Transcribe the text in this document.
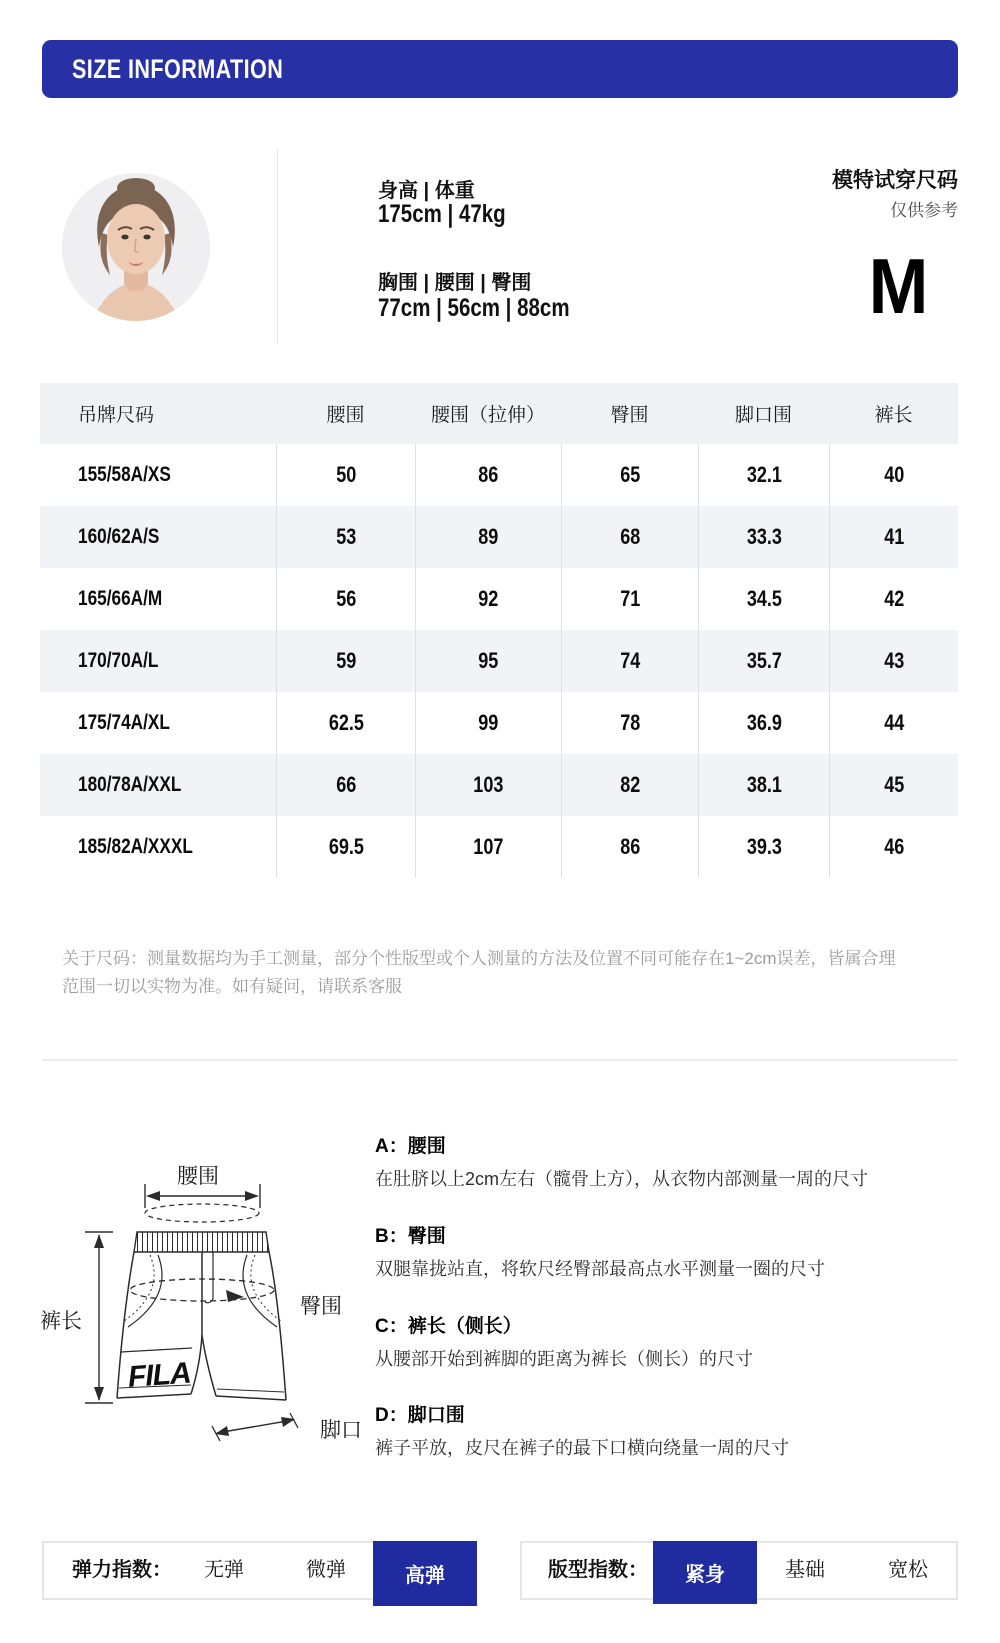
SIZE INFORMATION
身高 | 体重
175cm | 47kg
胸围 | 腰围 | 臀围
77cm | 56cm | 88cm
模特试穿尺码
仅供参考
M
吊牌尺码	腰围	腰围（拉伸）	臀围	脚口围	裤长
155/58A/XS	50	86	65	32.1	40
160/62A/S	53	89	68	33.3	41
165/66A/M	56	92	71	34.5	42
170/70A/L	59	95	74	35.7	43
175/74A/XL	62.5	99	78	36.9	44
180/78A/XXL	66	103	82	38.1	45
185/82A/XXXL	69.5	107	86	39.3	46
关于尺码：测量数据均为手工测量，部分个性版型或个人测量的方法及位置不同可能存在1~2cm误差，皆属合理
范围一切以实物为准。如有疑问，请联系客服
腰围
臀围
裤长
FILA
脚口
A：腰围

在肚脐以上2cm左右（髋骨上方），从衣物内部测量一周的尺寸

B：臀围

双腿靠拢站直，将软尺经臀部最高点水平测量一圈的尺寸

C：裤长（侧长）

从腰部开始到裤脚的距离为裤长（侧长）的尺寸

D：脚口围

裤子平放，皮尺在裤子的最下口横向绕量一周的尺寸

弹力指数： 无弹	微弹	高弹	版型指数：	紧身	基础	宽松
